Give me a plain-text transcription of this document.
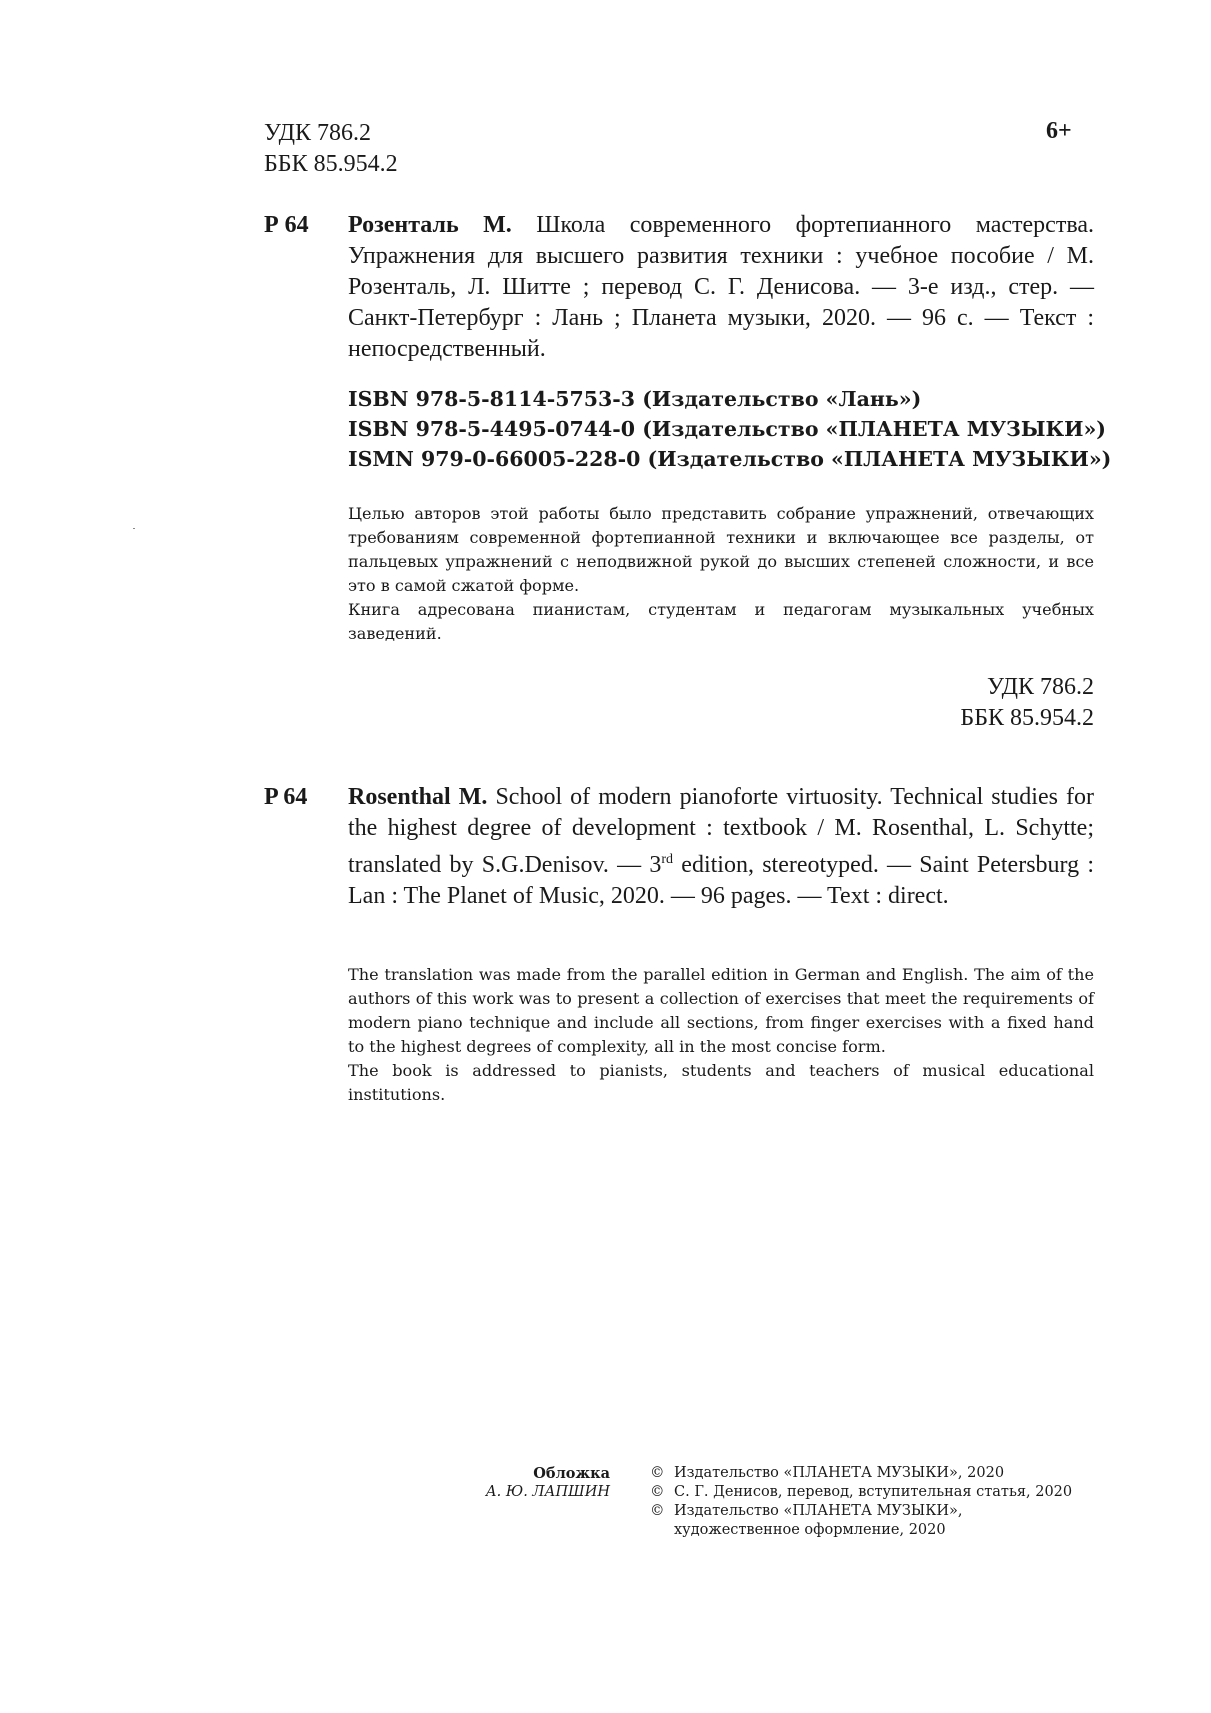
УДК 786.2
ББК 85.954.2
6+
Р 64 Розенталь М. Школа современного фортепианного мастерства. Упражнения для высшего развития техники : учебное пособие / М. Розенталь, Л. Шитте ; перевод С. Г. Денисова. — 3-е изд., стер. — Санкт-Петербург : Лань ; Планета музыки, 2020. — 96 с. — Текст : непосредственный.
ISBN 978-5-8114-5753-3 (Издательство «Лань»)
ISBN 978-5-4495-0744-0 (Издательство «ПЛАНЕТА МУЗЫКИ»)
ISMN 979-0-66005-228-0 (Издательство «ПЛАНЕТА МУЗЫКИ»)

Целью авторов этой работы было представить собрание упражнений, отвечающих требованиям современной фортепианной техники и включающее все разделы, от пальцевых упражнений с неподвижной рукой до высших степеней сложности, и все это в самой сжатой форме.

Книга адресована пианистам, студентам и педагогам музыкальных учебных заведений.

УДК 786.2
ББК 85.954.2
P 64 Rosenthal M. School of modern pianoforte virtuosity. Technical studies for the highest degree of development : textbook / M. Rosenthal, L. Schytte; translated by S.G.Denisov. — 3rd edition, stereotyped. — Saint Petersburg : Lan : The Planet of Music, 2020. — 96 pages. — Text : direct.

The translation was made from the parallel edition in German and English. The aim of the authors of this work was to present a collection of exercises that meet the requirements of modern piano technique and include all sections, from finger exercises with a fixed hand to the highest degrees of complexity, all in the most concise form.

The book is addressed to pianists, students and teachers of musical educational institutions.

Обложка
А. Ю. ЛАПШИН
© Издательство «ПЛАНЕТА МУЗЫКИ», 2020
© С. Г. Денисов, перевод, вступительная статья, 2020
© Издательство «ПЛАНЕТА МУЗЫКИ»,
художественное оформление, 2020
